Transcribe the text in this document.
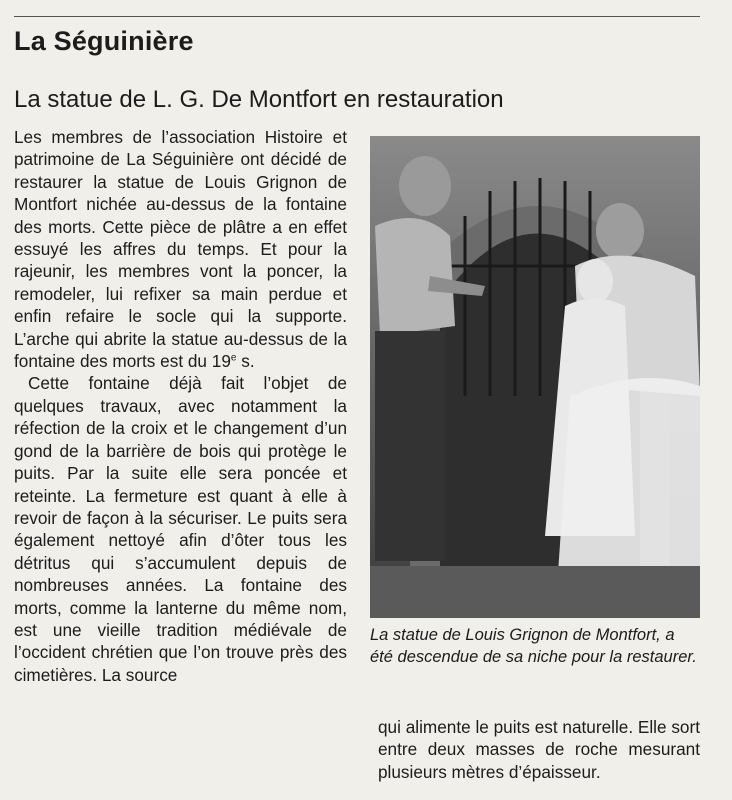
La Séguinière
La statue de L. G. De Montfort en restauration

Les membres de l’association Histoire et patrimoine de La Séguinière ont décidé de restaurer la statue de Louis Grignon de Montfort nichée au-dessus de la fontaine des morts. Cette pièce de plâtre a en effet essuyé les affres du temps. Et pour la rajeunir, les membres vont la poncer, la remodeler, lui refixer sa main perdue et enfin refaire le socle qui la supporte. L’arche qui abrite la statue au-dessus de la fontaine des morts est du 19e s.

Cette fontaine déjà fait l’objet de quelques travaux, avec notamment la réfection de la croix et le changement d’un gond de la barrière de bois qui protège le puits. Par la suite elle sera poncée et reteinte. La fermeture est quant à elle à revoir de façon à la sécuriser. Le puits sera également nettoyé afin d’ôter tous les détritus qui s’accumulent depuis de nombreuses années. La fontaine des morts, comme la lanterne du même nom, est une vieille tradition médiévale de l’occident chrétien que l’on trouve près des cimetières. La source

La statue de Louis Grignon de Montfort, a été descendue de sa niche pour la restaurer.

qui alimente le puits est naturelle. Elle sort entre deux masses de roche mesurant plusieurs mètres d’épaisseur.
